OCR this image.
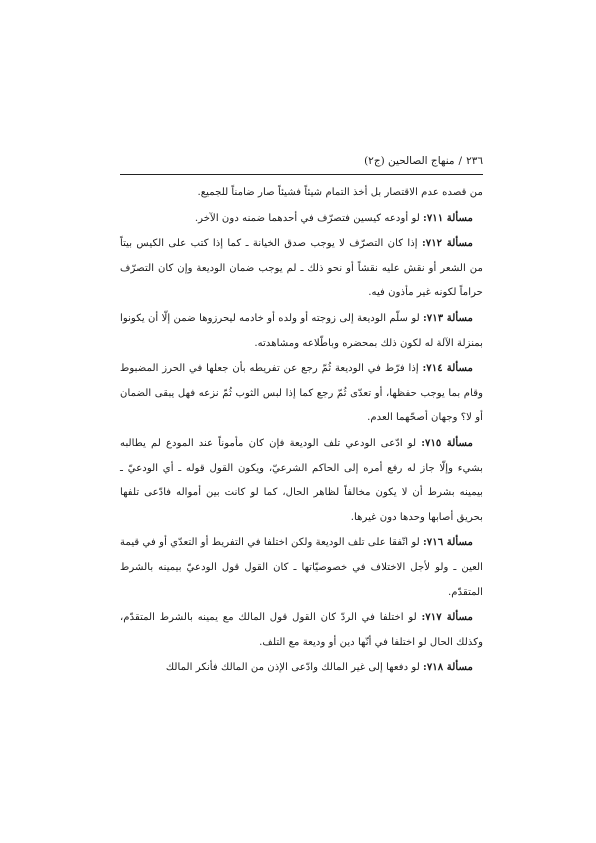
٢٣٦
/
منهاج الصالحين (ج٢)

من قصده عدم الاقتصار بل أخذ التمام شيئاً فشيئاً صار ضامناً للجميع.

مسألة ٧١١: لو أودعه كيسين فتصرّف في أحدهما ضمنه دون الآخر.

مسألة ٧١٢: إذا كان التصرّف لا يوجب صدق الخيانة ـ كما إذا كتب على الكيس بيتاً من الشعر أو نقش عليه نقشاً أو نحو ذلك ـ لم يوجب ضمان الوديعة وإن كان التصرّف حراماً لكونه غير مأذون فيه.

مسألة ٧١٣: لو سلّم الوديعة إلى زوجته أو ولده أو خادمه ليحرزوها ضمن إلّا أن يكونوا بمنزلة الآلة له لكون ذلك بمحضره وباطّلاعه ومشاهدته.

مسألة ٧١٤: إذا فرّط في الوديعة ثُمّ رجع عن تفريطه بأن جعلها في الحرز المضبوط وقام بما يوجب حفظها، أو تعدّى ثُمّ رجع كما إذا لبس الثوب ثُمّ نزعه فهل يبقى الضمان أو لا؟ وجهان أصحّهما العدم.

مسألة ٧١٥: لو ادّعى الودعي تلف الوديعة فإن كان مأموناً عند المودع لم يطالبه بشيء وإلّا جاز له رفع أمره إلى الحاكم الشرعيّ، ويكون القول قوله ـ أي الودعيّ ـ بيمينه بشرط أن لا يكون مخالفاً لظاهر الحال، كما لو كانت بين أمواله فادّعى تلفها بحريق أصابها وحدها دون غيرها.

مسألة ٧١٦: لو اتّفقا على تلف الوديعة ولكن اختلفا في التفريط أو التعدّي أو في قيمة العين ـ ولو لأجل الاختلاف في خصوصيّاتها ـ كان القول قول الودعيّ بيمينه بالشرط المتقدّم.

مسألة ٧١٧: لو اختلفا في الردّ كان القول قول المالك مع يمينه بالشرط المتقدّم، وكذلك الحال لو اختلفا في أنّها دين أو وديعة مع التلف.

مسألة ٧١٨: لو دفعها إلى غير المالك وادّعى الإذن من المالك فأنكر المالك
